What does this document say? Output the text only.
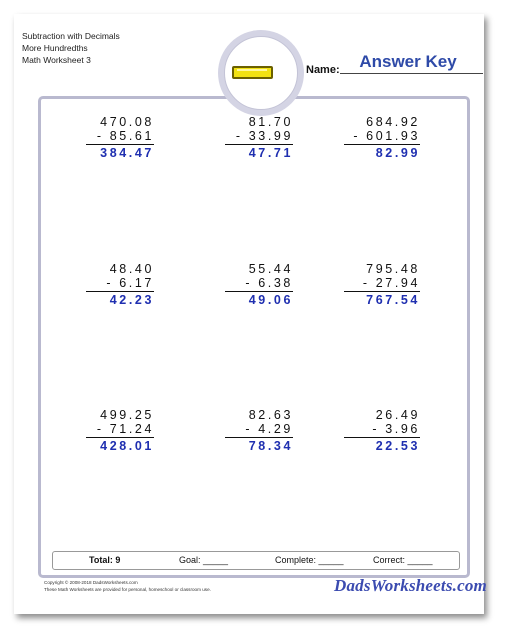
Subtraction with Decimals
More Hundredths
Math Worksheet 3
Name:	Answer Key
470.08
- 85.61
384.47
81.70
- 33.99
47.71
684.92
- 601.93
82.99
48.40
- 6.17
42.23
55.44
- 6.38
49.06
795.48
- 27.94
767.54
499.25
- 71.24
428.01
82.63
- 4.29
78.34
26.49
- 3.96
22.53
Total: 9	Goal: _____	Complete: _____	Correct: _____
Copyright © 2008-2018 DadsWorksheets.com
These Math Worksheets are provided for personal, homeschool or classroom use.	DadsWorksheets.com
